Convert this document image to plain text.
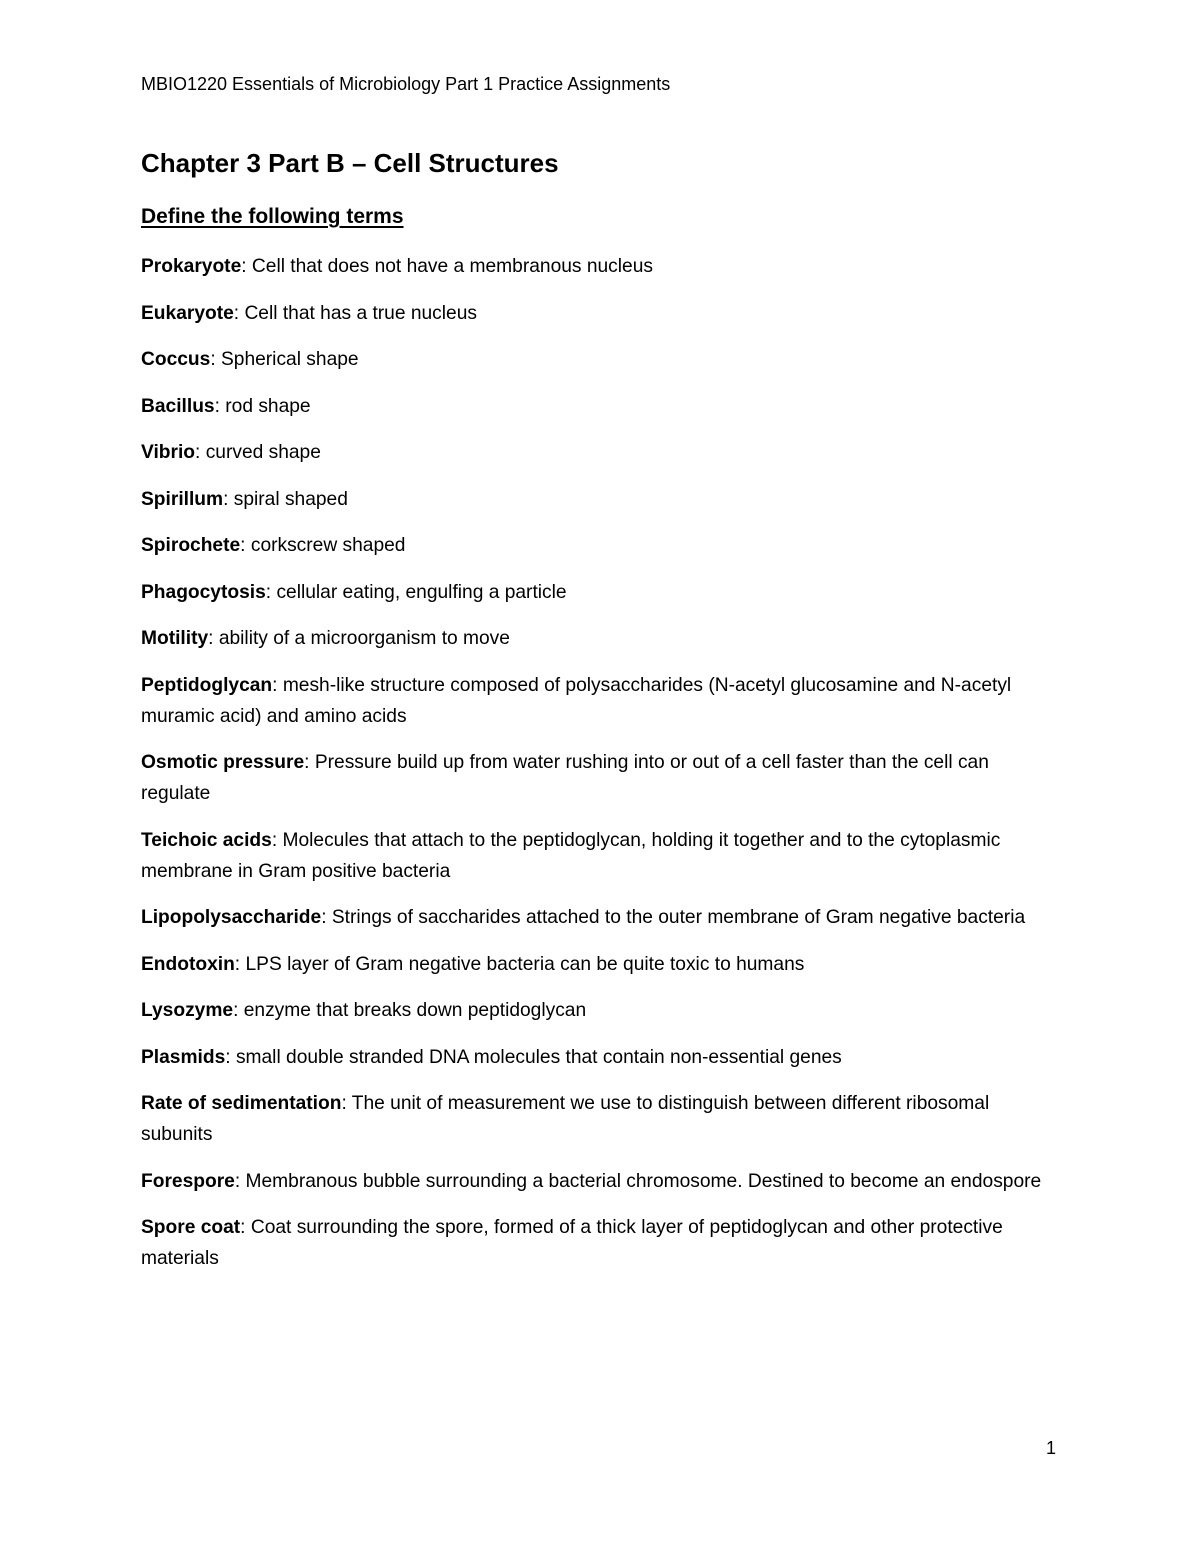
MBIO1220 Essentials of Microbiology Part 1 Practice Assignments
Chapter 3 Part B – Cell Structures
Define the following terms
Prokaryote: Cell that does not have a membranous nucleus
Eukaryote: Cell that has a true nucleus
Coccus: Spherical shape
Bacillus: rod shape
Vibrio: curved shape
Spirillum: spiral shaped
Spirochete: corkscrew shaped
Phagocytosis: cellular eating, engulfing a particle
Motility: ability of a microorganism to move
Peptidoglycan: mesh-like structure composed of polysaccharides (N-acetyl glucosamine and N-acetyl muramic acid) and amino acids
Osmotic pressure: Pressure build up from water rushing into or out of a cell faster than the cell can regulate
Teichoic acids: Molecules that attach to the peptidoglycan, holding it together and to the cytoplasmic membrane in Gram positive bacteria
Lipopolysaccharide: Strings of saccharides attached to the outer membrane of Gram negative bacteria
Endotoxin: LPS layer of Gram negative bacteria can be quite toxic to humans
Lysozyme: enzyme that breaks down peptidoglycan
Plasmids: small double stranded DNA molecules that contain non-essential genes
Rate of sedimentation: The unit of measurement we use to distinguish between different ribosomal subunits
Forespore: Membranous bubble surrounding a bacterial chromosome. Destined to become an endospore
Spore coat: Coat surrounding the spore, formed of a thick layer of peptidoglycan and other protective materials
1
